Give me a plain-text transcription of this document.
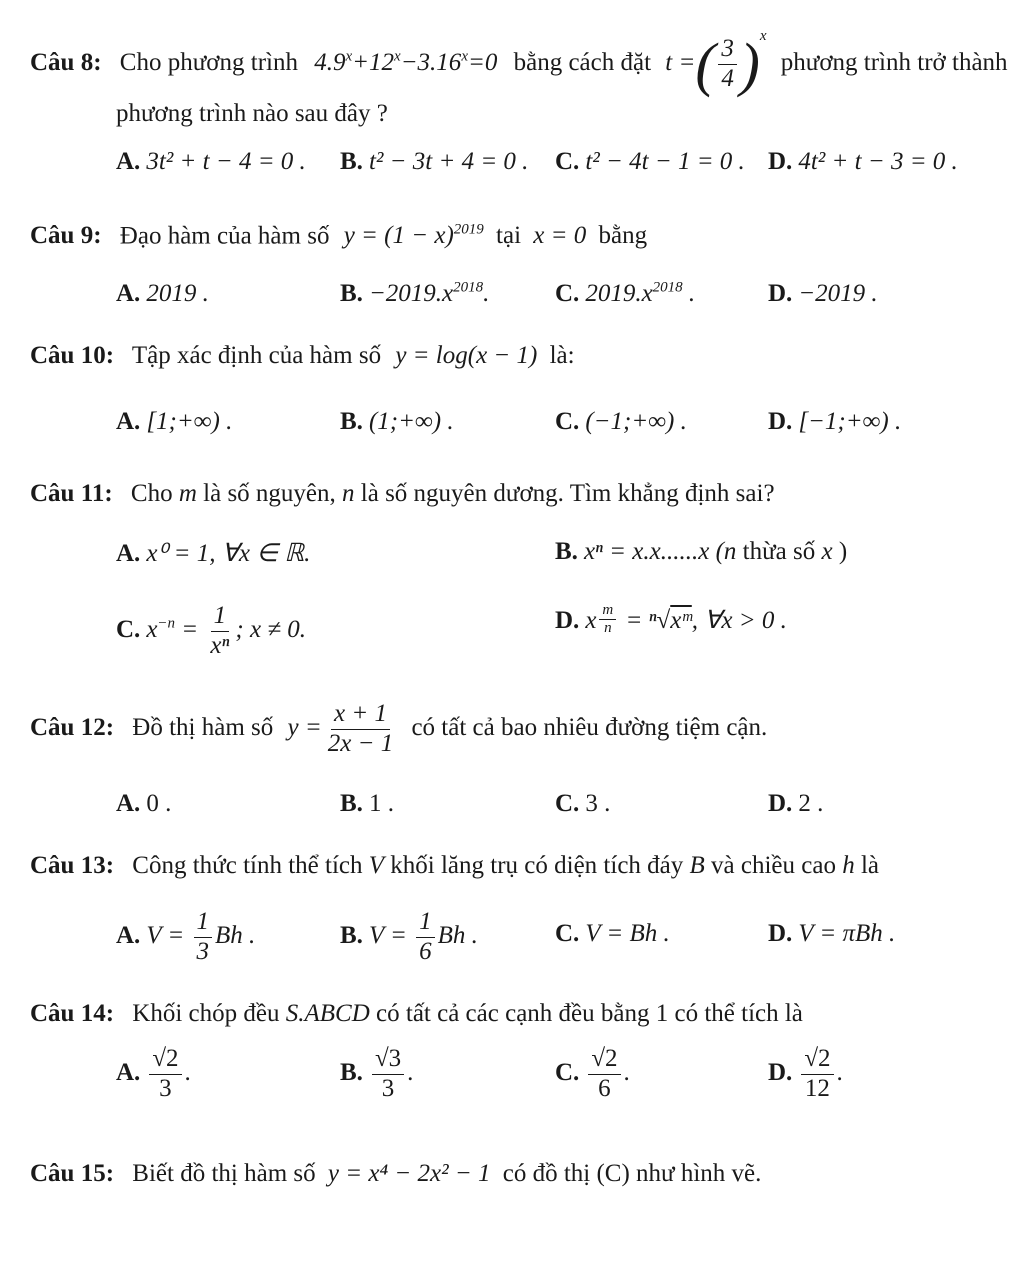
Câu 8: Cho phương trình $4.9^x+12^x-3.16^x=0$ bằng cách đặt t =( $\frac{3}{4} )^x$ phương trình trở thành
phương trình nào sau đây ?
A. 3t² + t − 4 = 0 . B. t² − 3t + 4 = 0 . C. t² − 4t − 1 = 0 . D. 4t² + t − 3 = 0 .
Câu 9: Đạo hàm của hàm số $y = (1 - x)^{2019}$ tại x = 0 bằng
A. 2019 .	B. $-2019.x^{2018}$.	C. $2019.x^{2018}$ .	D. −2019 .
Câu 10: Tập xác định của hàm số y = log(x − 1) là:
A. [1;+∞) .	B. (1;+∞) .	C. (−1;+∞) .	D. [−1;+∞) .
Câu 11: Cho m là số nguyên, n là số nguyên dương. Tìm khẳng định sai?
A. x⁰ = 1, ∀x ∈ ℝ.	B. xⁿ = x.x......x (n thừa số x )
C. $x^{-n} = \frac{1}{\text{xⁿ}}$ ; x ≠ 0.	D. x $\frac{m}{n}$ = ⁿ√xᵐ, ∀x > 0 .
Câu 12: Đồ thị hàm số $y = \frac{x + 1}{2x - 1}$ có tất cả bao nhiêu đường tiệm cận.
A. 0 .	B. 1 .	C. 3 .	D. 2 .
Câu 13: Công thức tính thể tích V khối lăng trụ có diện tích đáy B và chiều cao h là
A. $V = \frac{1}{3}$ Bh .	B. $V = \frac{1}{6}$ Bh .	C. V = Bh .	D. V = πBh .
Câu 14: Khối chóp đều S.ABCD có tất cả các cạnh đều bằng 1 có thể tích là
A. $\frac{√2}{3}$ .	B. $\frac{√3}{3}$ .	C. $\frac{√2}{6}$ .	D. $\frac{√2}{12}$ .
Câu 15: Biết đồ thị hàm số y = x⁴ − 2x² − 1 có đồ thị (C) như hình vẽ.
